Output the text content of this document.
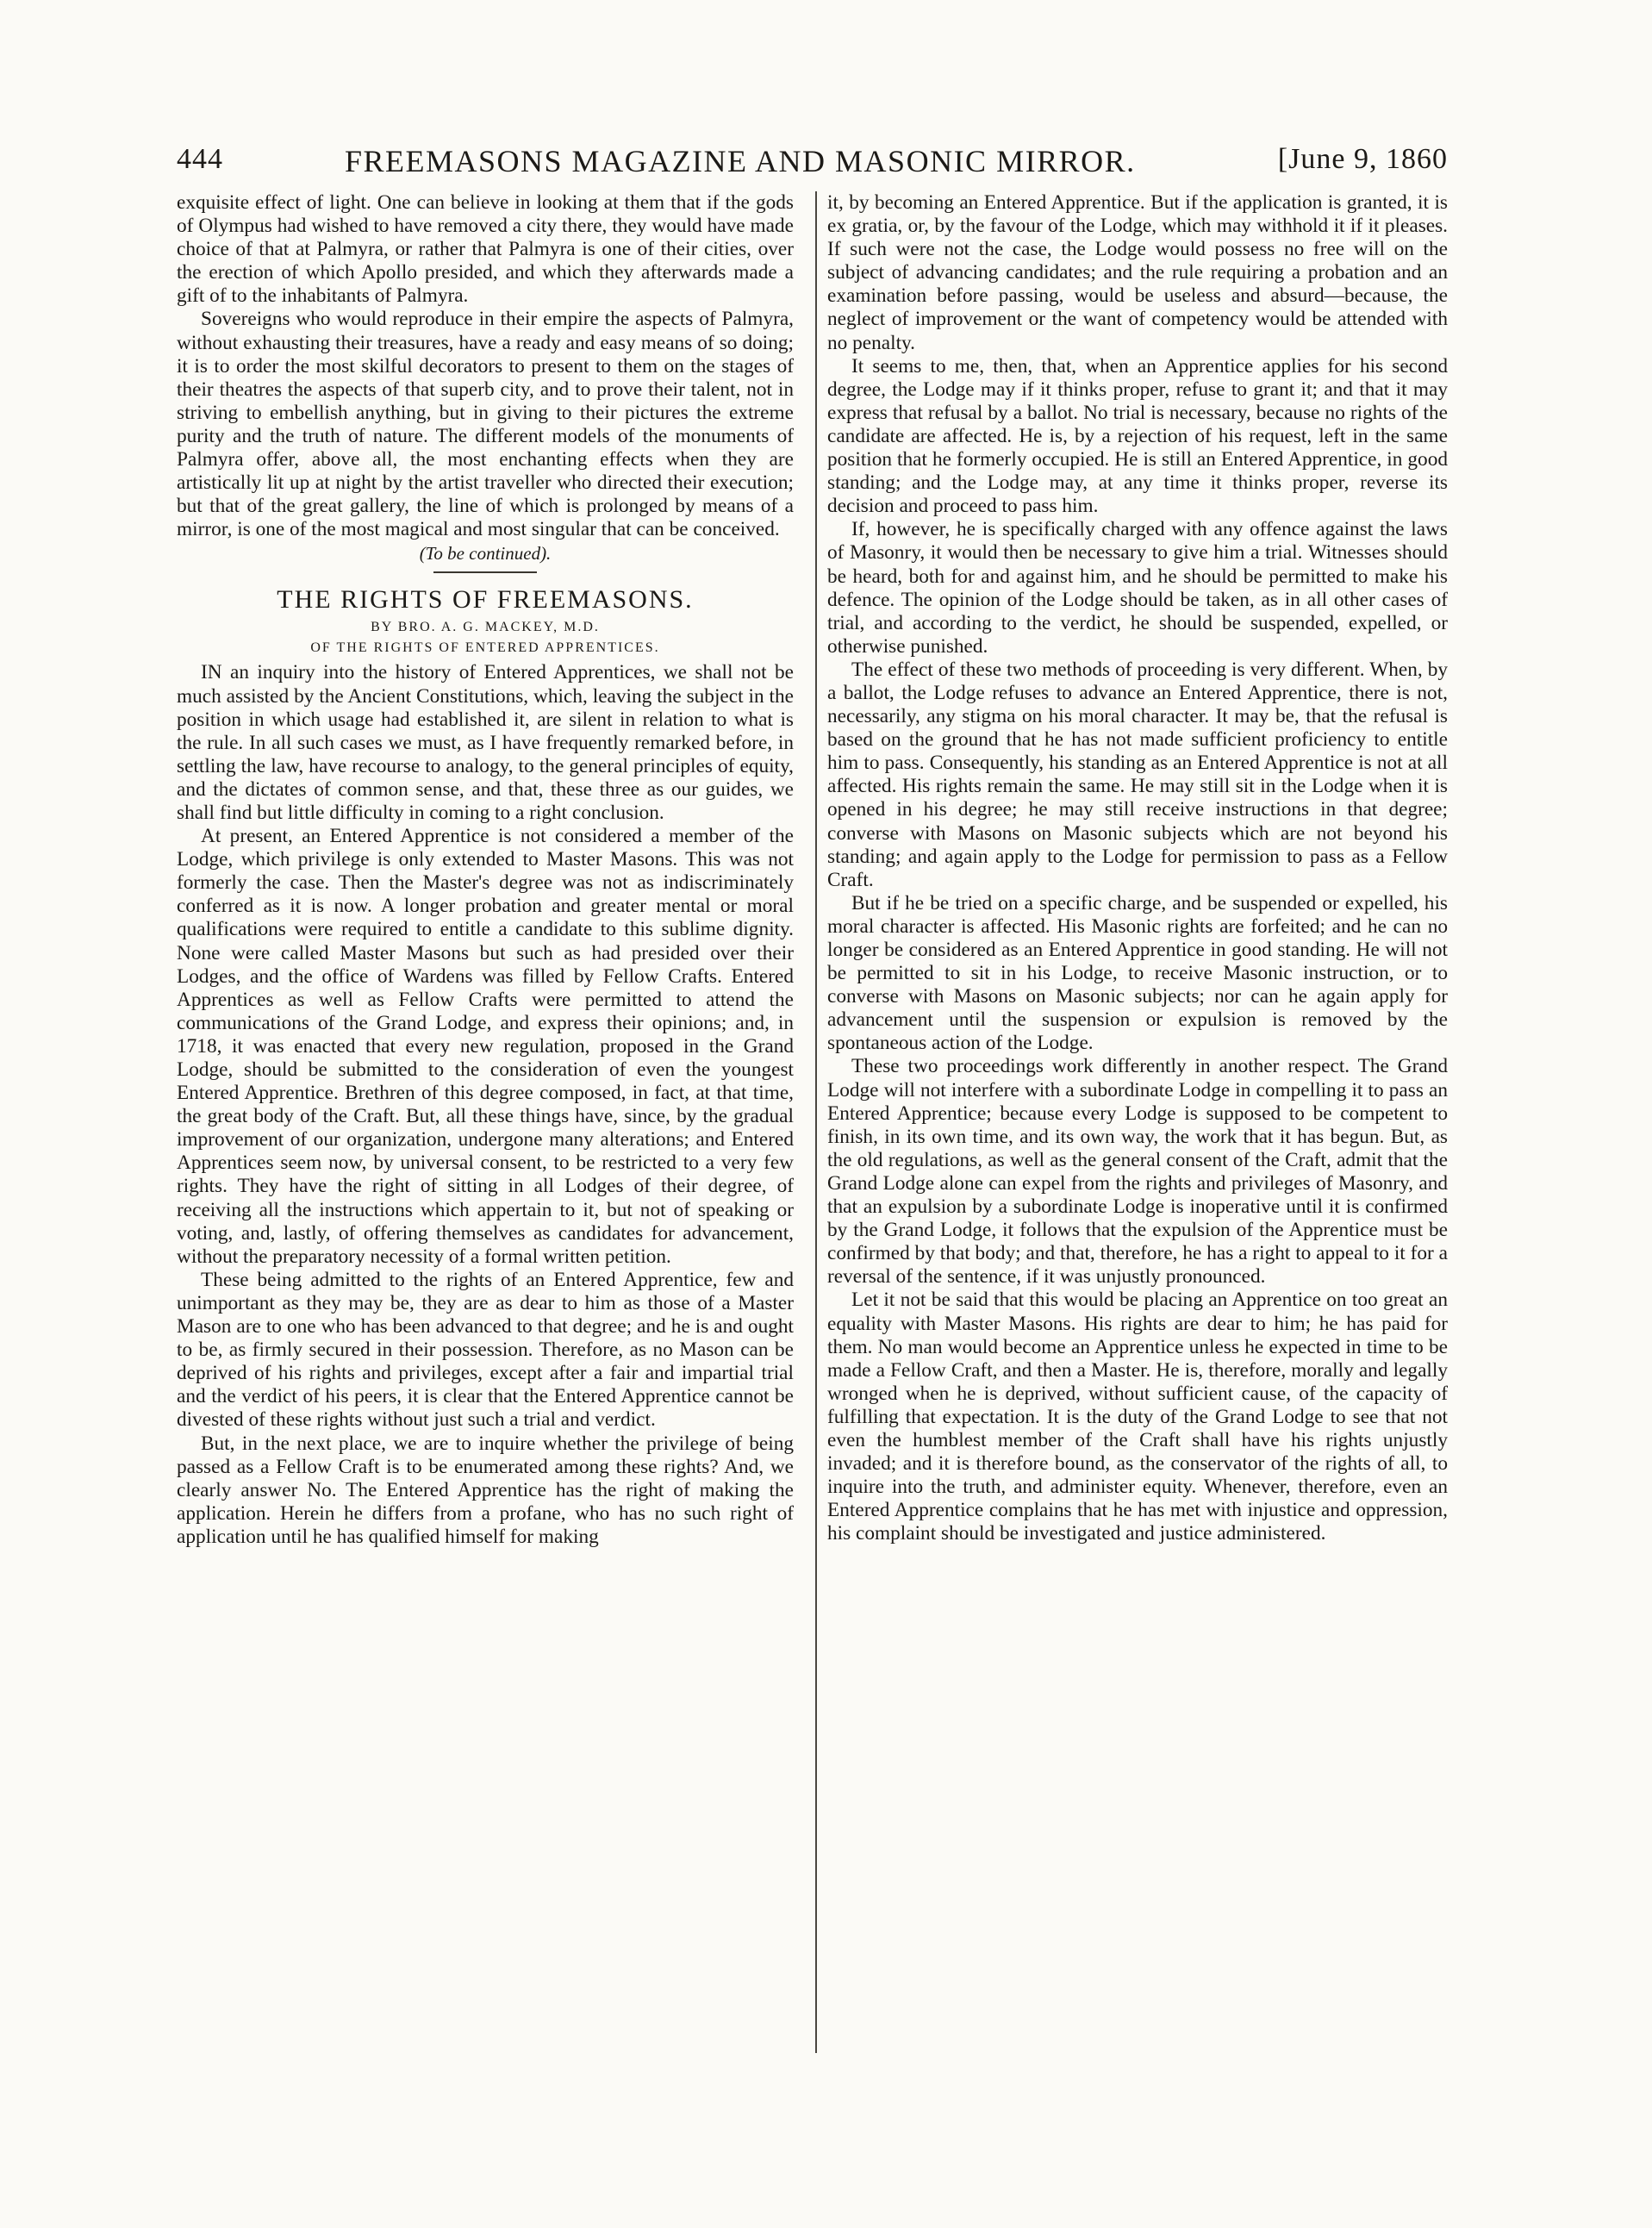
444	FREEMASONS MAGAZINE AND MASONIC MIRROR.	[June 9, 1860

exquisite effect of light. One can believe in looking at them that if the gods of Olympus had wished to have removed a city there, they would have made choice of that at Palmyra, or rather that Palmyra is one of their cities, over the erection of which Apollo presided, and which they afterwards made a gift of to the inhabitants of Palmyra.

Sovereigns who would reproduce in their empire the aspects of Palmyra, without exhausting their treasures, have a ready and easy means of so doing; it is to order the most skilful decorators to present to them on the stages of their theatres the aspects of that superb city, and to prove their talent, not in striving to embellish anything, but in giving to their pictures the extreme purity and the truth of nature. The different models of the monuments of Palmyra offer, above all, the most enchanting effects when they are artistically lit up at night by the artist traveller who directed their execution; but that of the great gallery, the line of which is prolonged by means of a mirror, is one of the most magical and most singular that can be conceived.

(To be continued).
THE RIGHTS OF FREEMASONS.
BY BRO. A. G. MACKEY, M.D.
OF THE RIGHTS OF ENTERED APPRENTICES.

IN an inquiry into the history of Entered Apprentices, we shall not be much assisted by the Ancient Constitutions, which, leaving the subject in the position in which usage had established it, are silent in relation to what is the rule. In all such cases we must, as I have frequently remarked before, in settling the law, have recourse to analogy, to the general principles of equity, and the dictates of common sense, and that, these three as our guides, we shall find but little difficulty in coming to a right conclusion.

At present, an Entered Apprentice is not considered a member of the Lodge, which privilege is only extended to Master Masons. This was not formerly the case. Then the Master's degree was not as indiscriminately conferred as it is now. A longer probation and greater mental or moral qualifications were required to entitle a candidate to this sublime dignity. None were called Master Masons but such as had presided over their Lodges, and the office of Wardens was filled by Fellow Crafts. Entered Apprentices as well as Fellow Crafts were permitted to attend the communications of the Grand Lodge, and express their opinions; and, in 1718, it was enacted that every new regulation, proposed in the Grand Lodge, should be submitted to the consideration of even the youngest Entered Apprentice. Brethren of this degree composed, in fact, at that time, the great body of the Craft. But, all these things have, since, by the gradual improvement of our organization, undergone many alterations; and Entered Apprentices seem now, by universal consent, to be restricted to a very few rights. They have the right of sitting in all Lodges of their degree, of receiving all the instructions which appertain to it, but not of speaking or voting, and, lastly, of offering themselves as candidates for advancement, without the preparatory necessity of a formal written petition.

These being admitted to the rights of an Entered Apprentice, few and unimportant as they may be, they are as dear to him as those of a Master Mason are to one who has been advanced to that degree; and he is and ought to be, as firmly secured in their possession. Therefore, as no Mason can be deprived of his rights and privileges, except after a fair and impartial trial and the verdict of his peers, it is clear that the Entered Apprentice cannot be divested of these rights without just such a trial and verdict.

But, in the next place, we are to inquire whether the privilege of being passed as a Fellow Craft is to be enumerated among these rights? And, we clearly answer No. The Entered Apprentice has the right of making the application. Herein he differs from a profane, who has no such right of application until he has qualified himself for making

it, by becoming an Entered Apprentice. But if the application is granted, it is ex gratia, or, by the favour of the Lodge, which may withhold it if it pleases. If such were not the case, the Lodge would possess no free will on the subject of advancing candidates; and the rule requiring a probation and an examination before passing, would be useless and absurd—because, the neglect of improvement or the want of competency would be attended with no penalty.

It seems to me, then, that, when an Apprentice applies for his second degree, the Lodge may if it thinks proper, refuse to grant it; and that it may express that refusal by a ballot. No trial is necessary, because no rights of the candidate are affected. He is, by a rejection of his request, left in the same position that he formerly occupied. He is still an Entered Apprentice, in good standing; and the Lodge may, at any time it thinks proper, reverse its decision and proceed to pass him.

If, however, he is specifically charged with any offence against the laws of Masonry, it would then be necessary to give him a trial. Witnesses should be heard, both for and against him, and he should be permitted to make his defence. The opinion of the Lodge should be taken, as in all other cases of trial, and according to the verdict, he should be suspended, expelled, or otherwise punished.

The effect of these two methods of proceeding is very different. When, by a ballot, the Lodge refuses to advance an Entered Apprentice, there is not, necessarily, any stigma on his moral character. It may be, that the refusal is based on the ground that he has not made sufficient proficiency to entitle him to pass. Consequently, his standing as an Entered Apprentice is not at all affected. His rights remain the same. He may still sit in the Lodge when it is opened in his degree; he may still receive instructions in that degree; converse with Masons on Masonic subjects which are not beyond his standing; and again apply to the Lodge for permission to pass as a Fellow Craft.

But if he be tried on a specific charge, and be suspended or expelled, his moral character is affected. His Masonic rights are forfeited; and he can no longer be considered as an Entered Apprentice in good standing. He will not be permitted to sit in his Lodge, to receive Masonic instruction, or to converse with Masons on Masonic subjects; nor can he again apply for advancement until the suspension or expulsion is removed by the spontaneous action of the Lodge.

These two proceedings work differently in another respect. The Grand Lodge will not interfere with a subordinate Lodge in compelling it to pass an Entered Apprentice; because every Lodge is supposed to be competent to finish, in its own time, and its own way, the work that it has begun. But, as the old regulations, as well as the general consent of the Craft, admit that the Grand Lodge alone can expel from the rights and privileges of Masonry, and that an expulsion by a subordinate Lodge is inoperative until it is confirmed by the Grand Lodge, it follows that the expulsion of the Apprentice must be confirmed by that body; and that, therefore, he has a right to appeal to it for a reversal of the sentence, if it was unjustly pronounced.

Let it not be said that this would be placing an Apprentice on too great an equality with Master Masons. His rights are dear to him; he has paid for them. No man would become an Apprentice unless he expected in time to be made a Fellow Craft, and then a Master. He is, therefore, morally and legally wronged when he is deprived, without sufficient cause, of the capacity of fulfilling that expectation. It is the duty of the Grand Lodge to see that not even the humblest member of the Craft shall have his rights unjustly invaded; and it is therefore bound, as the conservator of the rights of all, to inquire into the truth, and administer equity. Whenever, therefore, even an Entered Apprentice complains that he has met with injustice and oppression, his complaint should be investigated and justice administered.
